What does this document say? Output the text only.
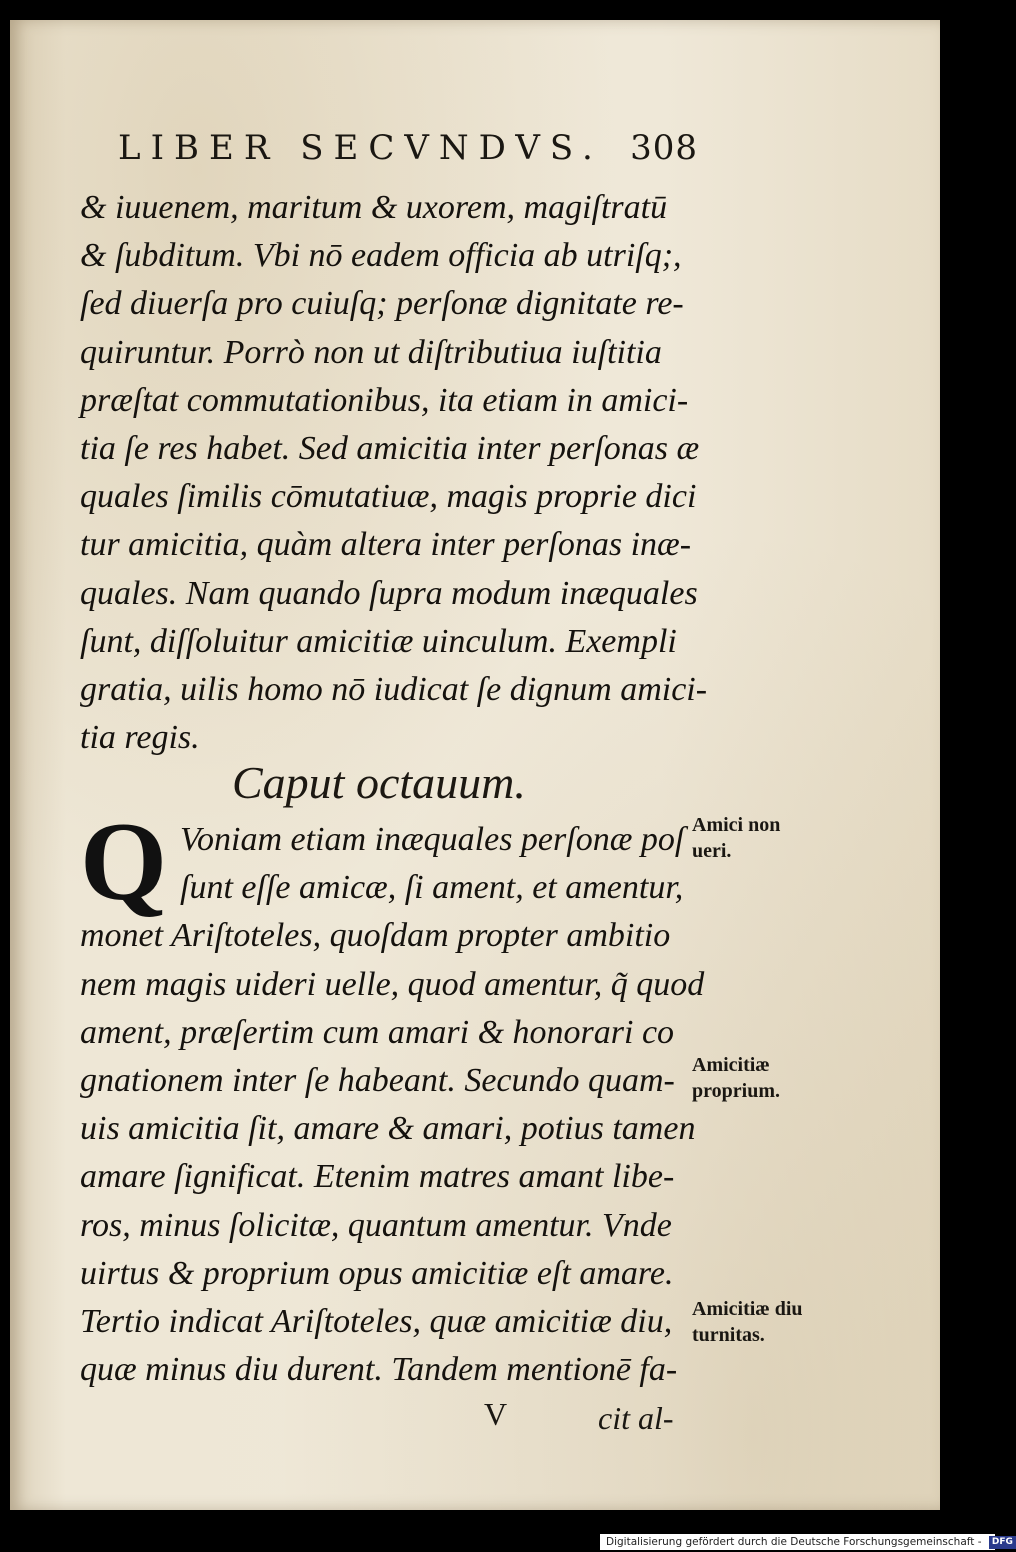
LIBER SECVNDVS. 308
& iuuenem, maritum & uxorem, magiſtratū
& ſubditum. Vbi nō eadem officia ab utriſq;,
ſed diuerſa pro cuiuſq; perſonæ dignitate re-
quiruntur. Porrò non ut diſtributiua iuſtitia
præſtat commutationibus, ita etiam in amici-
tia ſe res habet. Sed amicitia inter perſonas æ
quales ſimilis cōmutatiuæ, magis proprie dici
tur amicitia, quàm altera inter perſonas inæ-
quales. Nam quando ſupra modum inæquales
ſunt, diſſoluitur amicitiæ uinculum. Exempli
gratia, uilis homo nō iudicat ſe dignum amici-
tia regis.
Caput octauum.
Q Voniam etiam inæquales perſonæ poſ
ſunt eſſe amicæ, ſi ament, et amentur,
monet Ariſtoteles, quoſdam propter ambitio
nem magis uideri uelle, quod amentur, q̃ quod
ament, præſertim cum amari & honorari co
gnationem inter ſe habeant. Secundo quam-
uis amicitia ſit, amare & amari, potius tamen
amare ſignificat. Etenim matres amant libe-
ros, minus ſolicitæ, quantum amentur. Vnde
uirtus & proprium opus amicitiæ eſt amare.
Tertio indicat Ariſtoteles, quæ amicitiæ diu,
quæ minus diu durent. Tandem mentionē fa-
Amici non
ueri.
Amicitiæ
proprium.
Amicitiæ diu
turnitas.
V	cit al-
Digitalisierung gefördert durch die Deutsche Forschungsgemeinschaft - DFG
